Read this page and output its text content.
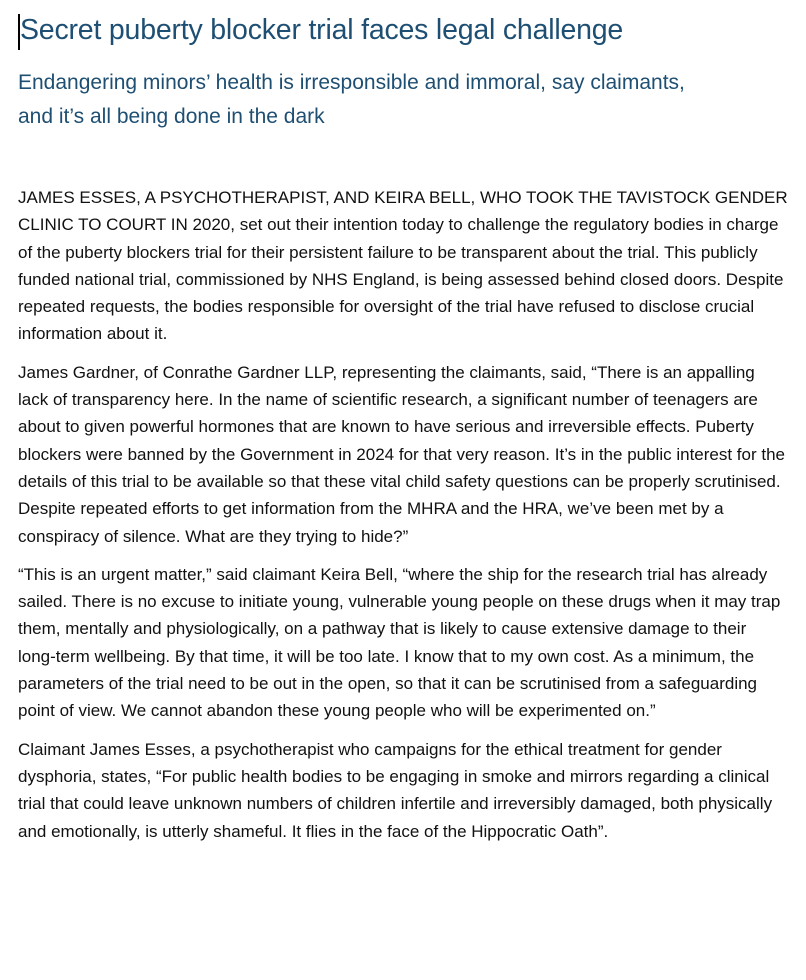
Secret puberty blocker trial faces legal challenge
Endangering minors’ health is irresponsible and immoral, say claimants, and it’s all being done in the dark

JAMES ESSES, A PSYCHOTHERAPIST, AND KEIRA BELL, WHO TOOK THE TAVISTOCK GENDER CLINIC TO COURT IN 2020, set out their intention today to challenge the regulatory bodies in charge of the puberty blockers trial for their persistent failure to be transparent about the trial. This publicly funded national trial, commissioned by NHS England, is being assessed behind closed doors. Despite repeated requests, the bodies responsible for oversight of the trial have refused to disclose crucial information about it.

James Gardner, of Conrathe Gardner LLP, representing the claimants, said, “There is an appalling lack of transparency here. In the name of scientific research, a significant number of teenagers are about to given powerful hormones that are known to have serious and irreversible effects. Puberty blockers were banned by the Government in 2024 for that very reason. It’s in the public interest for the details of this trial to be available so that these vital child safety questions can be properly scrutinised. Despite repeated efforts to get information from the MHRA and the HRA, we’ve been met by a conspiracy of silence. What are they trying to hide?”

“This is an urgent matter,” said claimant Keira Bell, “where the ship for the research trial has already sailed. There is no excuse to initiate young, vulnerable young people on these drugs when it may trap them, mentally and physiologically, on a pathway that is likely to cause extensive damage to their long-term wellbeing. By that time, it will be too late. I know that to my own cost. As a minimum, the parameters of the trial need to be out in the open, so that it can be scrutinised from a safeguarding point of view. We cannot abandon these young people who will be experimented on.”

Claimant James Esses, a psychotherapist who campaigns for the ethical treatment for gender dysphoria, states, “For public health bodies to be engaging in smoke and mirrors regarding a clinical trial that could leave unknown numbers of children infertile and irreversibly damaged, both physically and emotionally, is utterly shameful. It flies in the face of the Hippocratic Oath”.
